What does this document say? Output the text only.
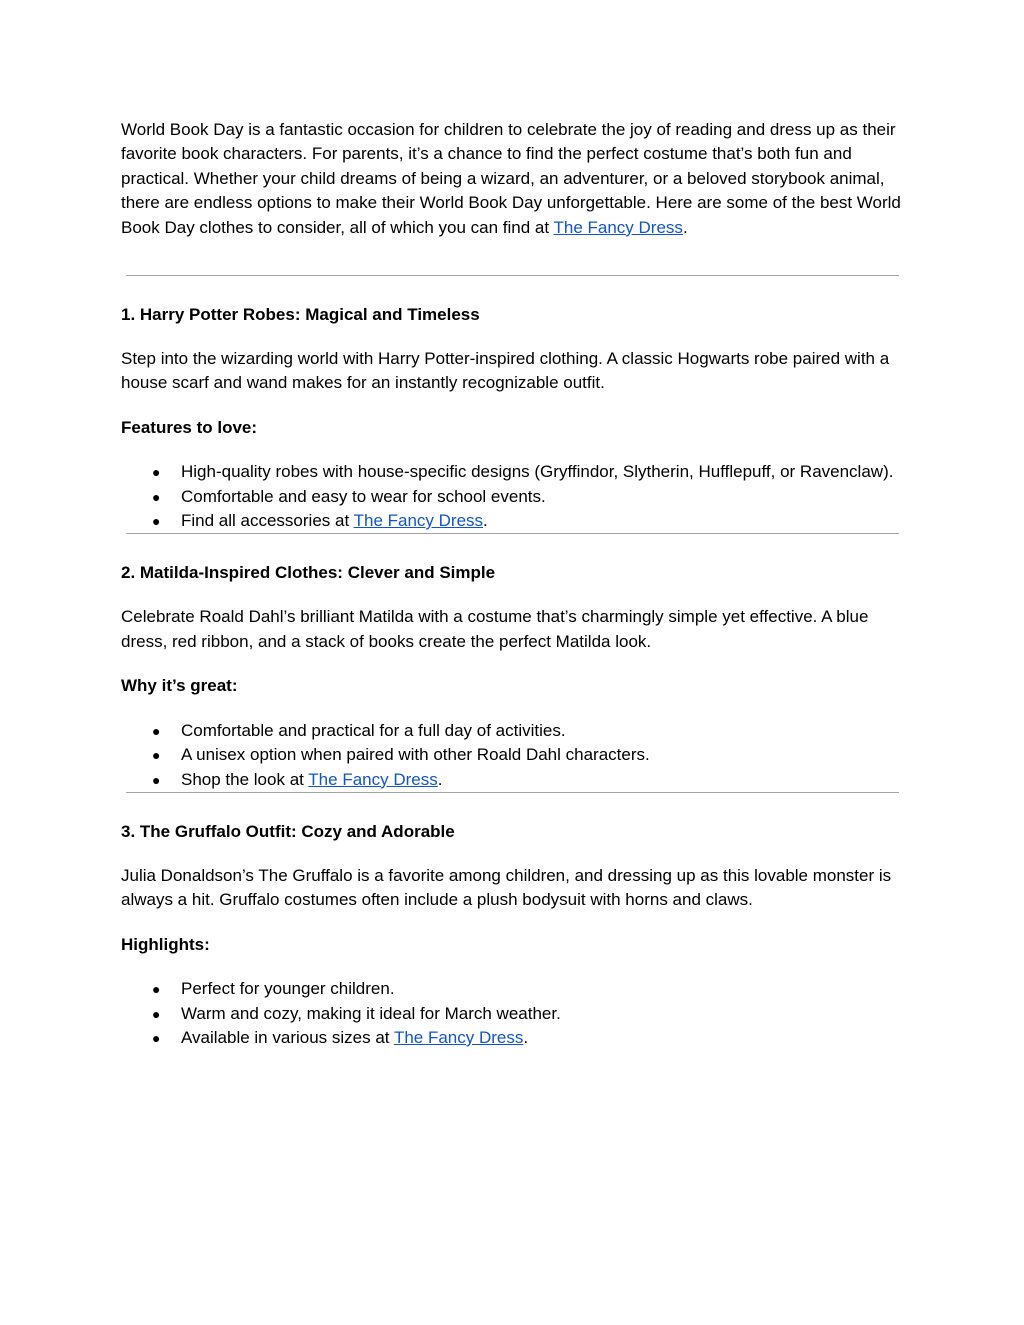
World Book Day is a fantastic occasion for children to celebrate the joy of reading and dress up as their favorite book characters. For parents, it’s a chance to find the perfect costume that’s both fun and practical. Whether your child dreams of being a wizard, an adventurer, or a beloved storybook animal, there are endless options to make their World Book Day unforgettable. Here are some of the best World Book Day clothes to consider, all of which you can find at The Fancy Dress.

1. Harry Potter Robes: Magical and Timeless

Step into the wizarding world with Harry Potter-inspired clothing. A classic Hogwarts robe paired with a house scarf and wand makes for an instantly recognizable outfit.

Features to love:

● High-quality robes with house-specific designs (Gryffindor, Slytherin, Hufflepuff, or Ravenclaw).
● Comfortable and easy to wear for school events.
● Find all accessories at The Fancy Dress.
2. Matilda-Inspired Clothes: Clever and Simple

Celebrate Roald Dahl’s brilliant Matilda with a costume that’s charmingly simple yet effective. A blue dress, red ribbon, and a stack of books create the perfect Matilda look.

Why it’s great:

● Comfortable and practical for a full day of activities.
● A unisex option when paired with other Roald Dahl characters.
● Shop the look at The Fancy Dress.
3. The Gruffalo Outfit: Cozy and Adorable

Julia Donaldson’s The Gruffalo is a favorite among children, and dressing up as this lovable monster is always a hit. Gruffalo costumes often include a plush bodysuit with horns and claws.

Highlights:

● Perfect for younger children.
● Warm and cozy, making it ideal for March weather.
● Available in various sizes at The Fancy Dress.
